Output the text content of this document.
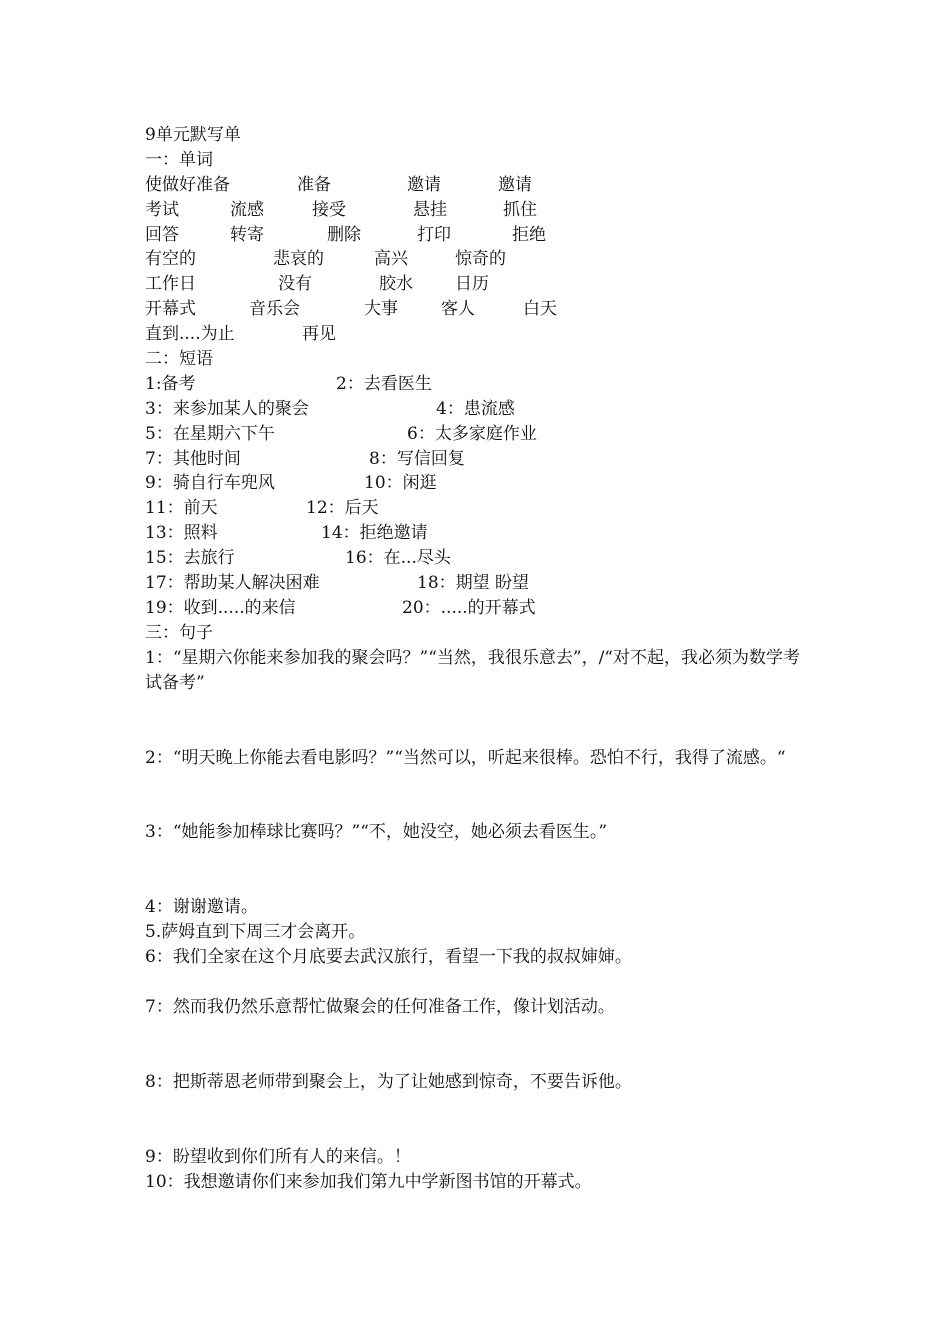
9单元默写单
一：单词
使做好准备	准备	邀请	邀请
考试	流感	接受	悬挂	抓住
回答	转寄	删除	打印	拒绝
有空的	悲哀的	高兴	惊奇的
工作日	没有	胶水 日历
开幕式	音乐会	大事	客人	白天
直到....为止	再见
二：短语
1:备考	2：去看医生
3：来参加某人的聚会	4：患流感
5：在星期六下午	6：太多家庭作业
7：其他时间	8：写信回复
9：骑自行车兜风	10：闲逛
11：前天	12：后天
13：照料	14：拒绝邀请
15：去旅行	16：在...尽头
17：帮助某人解决困难	18：期望 盼望
19：收到.....的来信	20：.....的开幕式
三：句子
1：“星期六你能来参加我的聚会吗？”“当然，我很乐意去”，/“对不起，我必须为数学考试备考”
2：“明天晚上你能去看电影吗？”“当然可以，听起来很棒。恐怕不行，我得了流感。“
3：“她能参加棒球比赛吗？”“不，她没空，她必须去看医生。”
4：谢谢邀请。
5.萨姆直到下周三才会离开。
6：我们全家在这个月底要去武汉旅行，看望一下我的叔叔婶婶。
7：然而我仍然乐意帮忙做聚会的任何准备工作，像计划活动。
8：把斯蒂恩老师带到聚会上，为了让她感到惊奇，不要告诉他。
9：盼望收到你们所有人的来信。！
10：我想邀请你们来参加我们第九中学新图书馆的开幕式。
